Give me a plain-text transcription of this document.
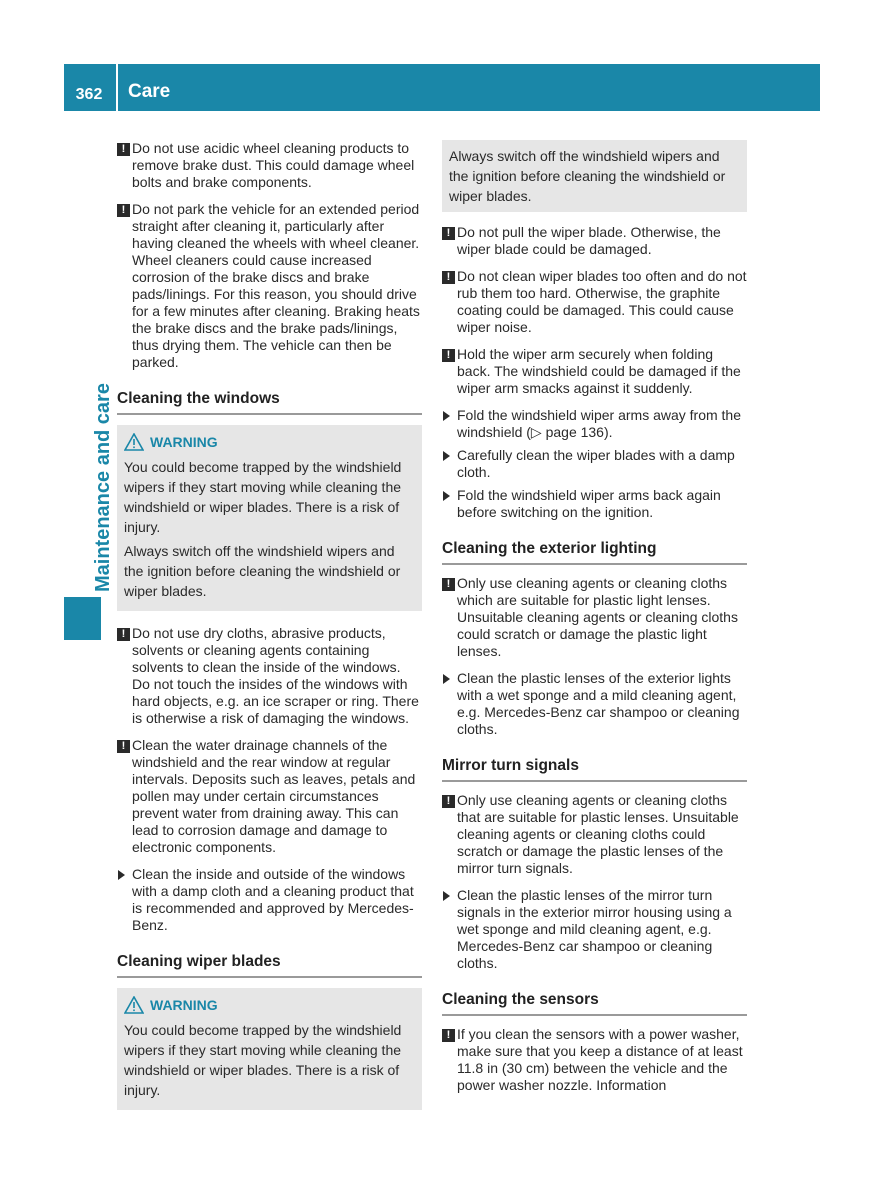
362	Care
Maintenance and care
! Do not use acidic wheel cleaning products to remove brake dust. This could damage wheel bolts and brake components.

! Do not park the vehicle for an extended period straight after cleaning it, particularly after having cleaned the wheels with wheel cleaner. Wheel cleaners could cause increased corrosion of the brake discs and brake pads/linings. For this reason, you should drive for a few minutes after cleaning. Braking heats the brake discs and the brake pads/linings, thus drying them. The vehicle can then be parked.

Cleaning the windows
WARNING

You could become trapped by the windshield wipers if they start moving while cleaning the windshield or wiper blades. There is a risk of injury.

Always switch off the windshield wipers and the ignition before cleaning the windshield or wiper blades.

! Do not use dry cloths, abrasive products, solvents or cleaning agents containing solvents to clean the inside of the windows. Do not touch the insides of the windows with hard objects, e.g. an ice scraper or ring. There is otherwise a risk of damaging the windows.

! Clean the water drainage channels of the windshield and the rear window at regular intervals. Deposits such as leaves, petals and pollen may under certain circumstances prevent water from draining away. This can lead to corrosion damage and damage to electronic components.

Clean the inside and outside of the windows with a damp cloth and a cleaning product that is recommended and approved by Mercedes-Benz.

Cleaning wiper blades
WARNING

You could become trapped by the windshield wipers if they start moving while cleaning the windshield or wiper blades. There is a risk of injury.

Always switch off the windshield wipers and the ignition before cleaning the windshield or wiper blades.

! Do not pull the wiper blade. Otherwise, the wiper blade could be damaged.

! Do not clean wiper blades too often and do not rub them too hard. Otherwise, the graphite coating could be damaged. This could cause wiper noise.

! Hold the wiper arm securely when folding back. The windshield could be damaged if the wiper arm smacks against it suddenly.

Fold the windshield wiper arms away from the windshield (▷ page 136).

Carefully clean the wiper blades with a damp cloth.

Fold the windshield wiper arms back again before switching on the ignition.

Cleaning the exterior lighting
! Only use cleaning agents or cleaning cloths which are suitable for plastic light lenses. Unsuitable cleaning agents or cleaning cloths could scratch or damage the plastic light lenses.

Clean the plastic lenses of the exterior lights with a wet sponge and a mild cleaning agent, e.g. Mercedes-Benz car shampoo or cleaning cloths.

Mirror turn signals
! Only use cleaning agents or cleaning cloths that are suitable for plastic lenses. Unsuitable cleaning agents or cleaning cloths could scratch or damage the plastic lenses of the mirror turn signals.

Clean the plastic lenses of the mirror turn signals in the exterior mirror housing using a wet sponge and mild cleaning agent, e.g. Mercedes-Benz car shampoo or cleaning cloths.

Cleaning the sensors
! If you clean the sensors with a power washer, make sure that you keep a distance of at least 11.8 in (30 cm) between the vehicle and the power washer nozzle. Information
